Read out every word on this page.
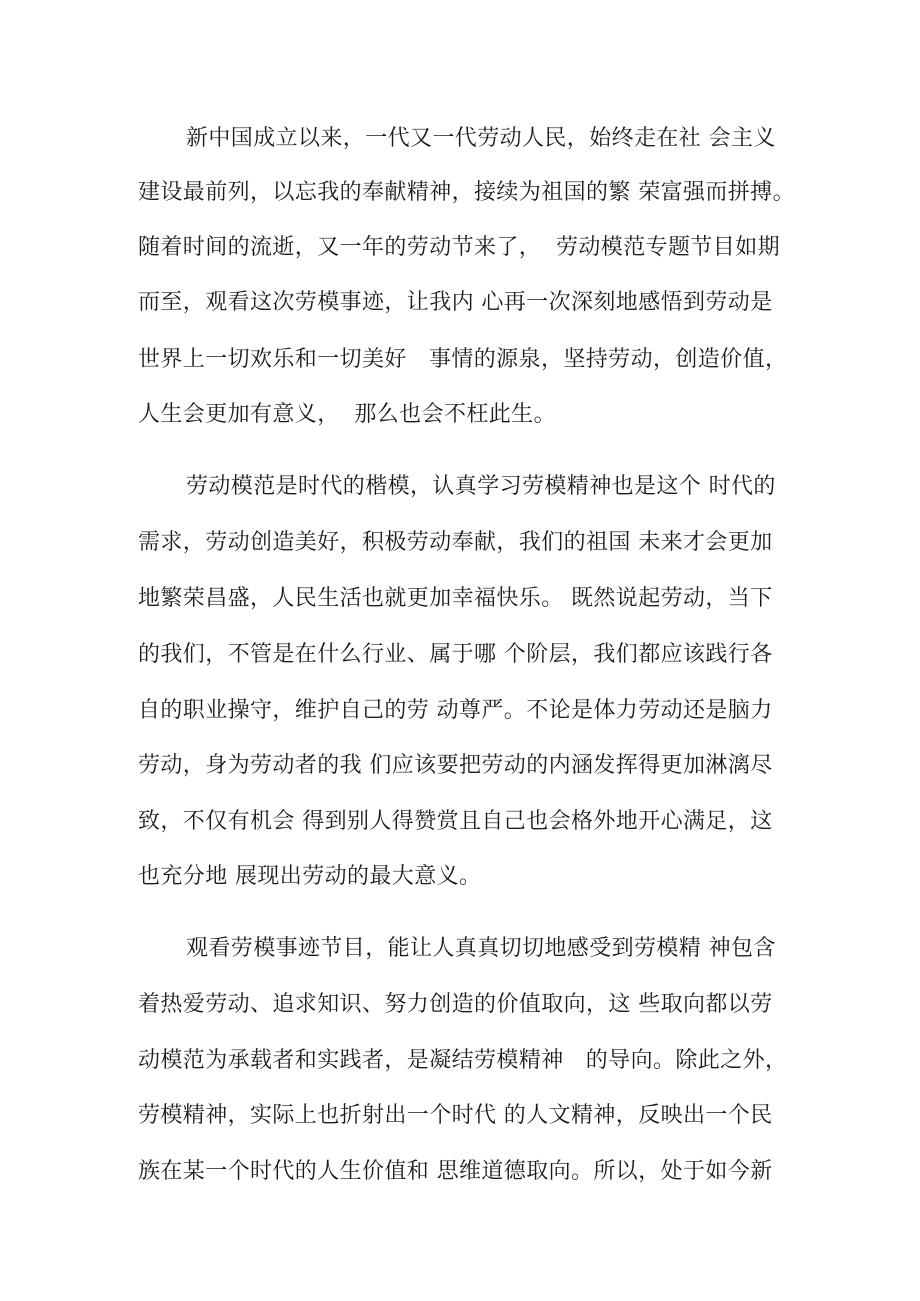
新中国成立以来，一代又一代劳动人民，始终走在社 会主义
建设最前列，以忘我的奉献精神，接续为祖国的繁 荣富强而拼搏。
随着时间的流逝，又一年的劳动节来了，  劳动模范专题节目如期
而至，观看这次劳模事迹，让我内 心再一次深刻地感悟到劳动是
世界上一切欢乐和一切美好   事情的源泉，坚持劳动，创造价值，
人生会更加有意义，  那么也会不枉此生。
劳动模范是时代的楷模，认真学习劳模精神也是这个 时代的
需求，劳动创造美好，积极劳动奉献，我们的祖国 未来才会更加
地繁荣昌盛，人民生活也就更加幸福快乐。 既然说起劳动，当下
的我们，不管是在什么行业、属于哪 个阶层，我们都应该践行各
自的职业操守，维护自己的劳 动尊严。不论是体力劳动还是脑力
劳动，身为劳动者的我 们应该要把劳动的内涵发挥得更加淋漓尽
致，不仅有机会 得到别人得赞赏且自己也会格外地开心满足，这
也充分地 展现出劳动的最大意义。
观看劳模事迹节目，能让人真真切切地感受到劳模精 神包含
着热爱劳动、追求知识、努力创造的价值取向，这 些取向都以劳
动模范为承载者和实践者，是凝结劳模精神   的导向。除此之外，
劳模精神，实际上也折射出一个时代 的人文精神，反映出一个民
族在某一个时代的人生价值和 思维道德取向。所以，处于如今新
